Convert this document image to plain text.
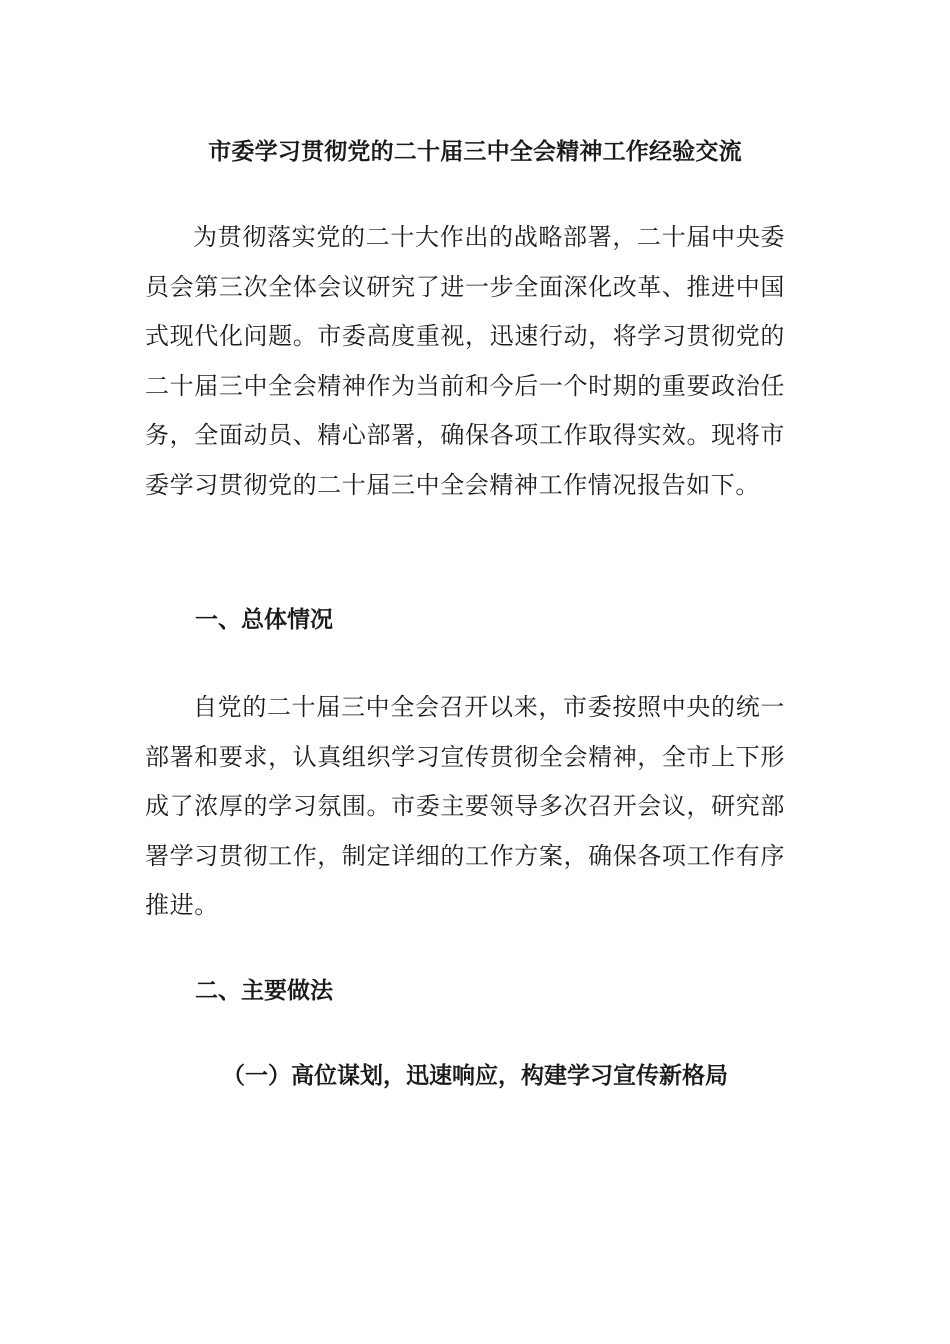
市委学习贯彻党的二十届三中全会精神工作经验交流

为贯彻落实党的二十大作出的战略部署，二十届中央委员会第三次全体会议研究了进一步全面深化改革、推进中国式现代化问题。市委高度重视，迅速行动，将学习贯彻党的二十届三中全会精神作为当前和今后一个时期的重要政治任务，全面动员、精心部署，确保各项工作取得实效。现将市委学习贯彻党的二十届三中全会精神工作情况报告如下。

一、总体情况

自党的二十届三中全会召开以来，市委按照中央的统一部署和要求，认真组织学习宣传贯彻全会精神，全市上下形成了浓厚的学习氛围。市委主要领导多次召开会议，研究部署学习贯彻工作，制定详细的工作方案，确保各项工作有序推进。

二、主要做法
（一）高位谋划，迅速响应，构建学习宣传新格局
